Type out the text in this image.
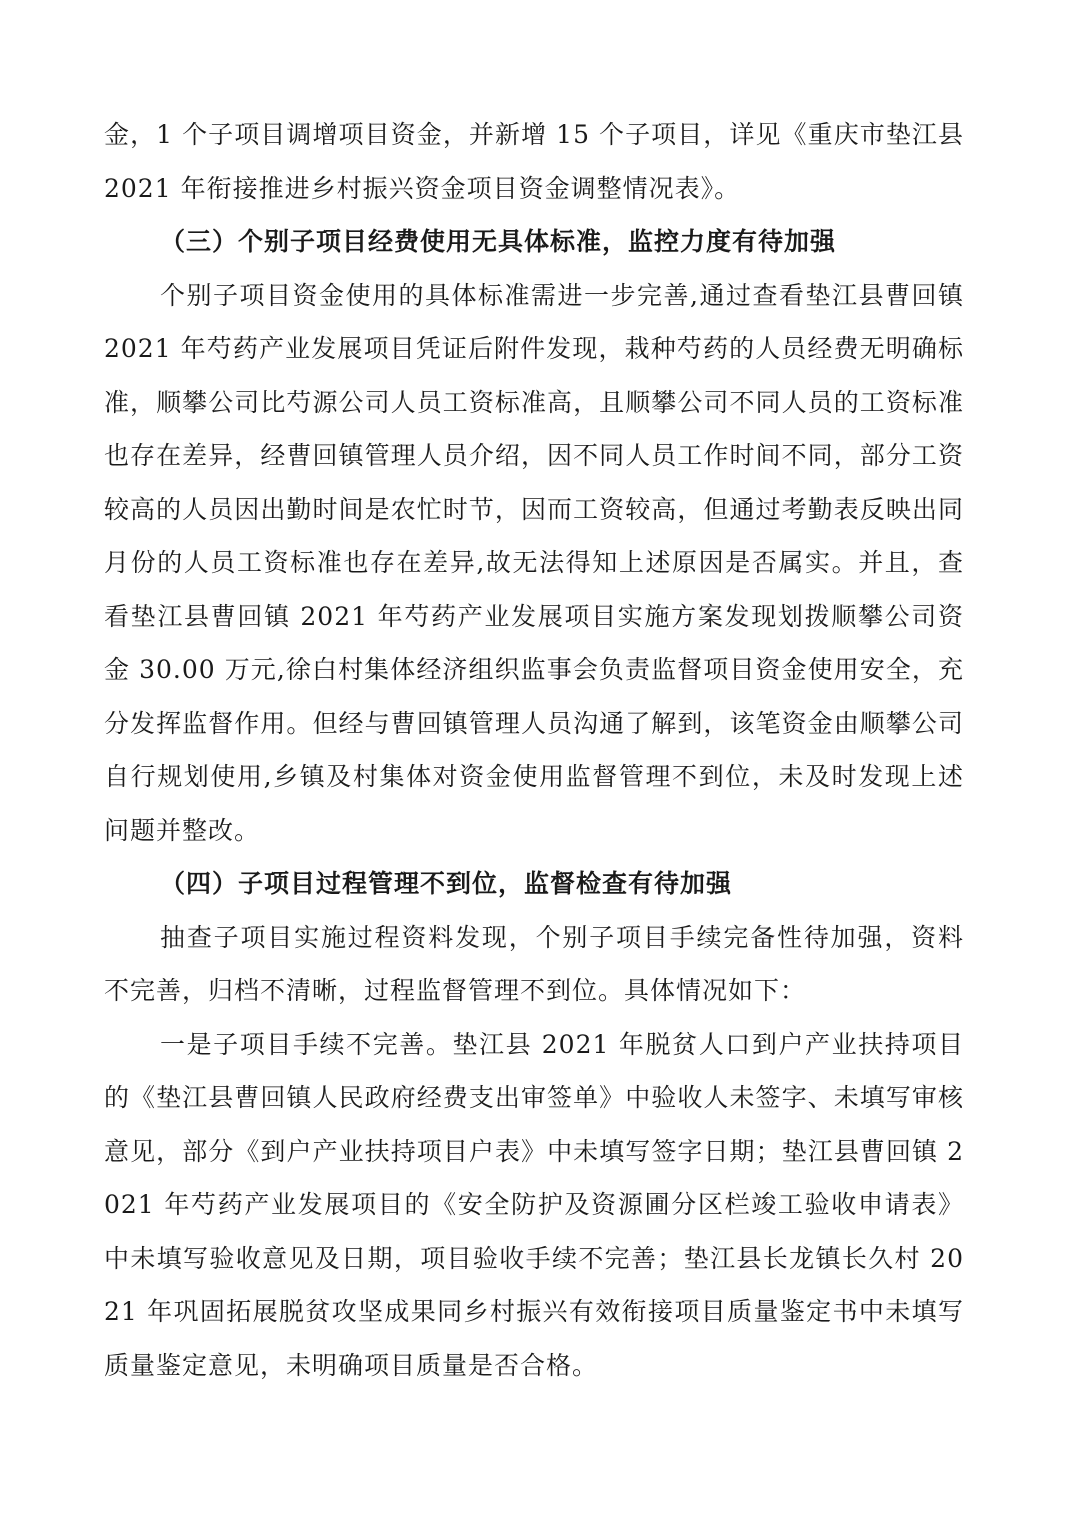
金，1 个子项目调增项目资金，并新增 15 个子项目，详见《重庆市垫江县 2021 年衔接推进乡村振兴资金项目资金调整情况表》。

（三）个别子项目经费使用无具体标准，监控力度有待加强

个别子项目资金使用的具体标准需进一步完善,通过查看垫江县曹回镇 2021 年芍药产业发展项目凭证后附件发现，栽种芍药的人员经费无明确标准，顺攀公司比芍源公司人员工资标准高，且顺攀公司不同人员的工资标准也存在差异，经曹回镇管理人员介绍，因不同人员工作时间不同，部分工资较高的人员因出勤时间是农忙时节，因而工资较高，但通过考勤表反映出同月份的人员工资标准也存在差异,故无法得知上述原因是否属实。并且，查看垫江县曹回镇 2021 年芍药产业发展项目实施方案发现划拨顺攀公司资金 30.00 万元,徐白村集体经济组织监事会负责监督项目资金使用安全，充分发挥监督作用。但经与曹回镇管理人员沟通了解到，该笔资金由顺攀公司自行规划使用,乡镇及村集体对资金使用监督管理不到位，未及时发现上述问题并整改。

（四）子项目过程管理不到位，监督检查有待加强

抽查子项目实施过程资料发现，个别子项目手续完备性待加强，资料不完善，归档不清晰，过程监督管理不到位。具体情况如下：

一是子项目手续不完善。垫江县 2021 年脱贫人口到户产业扶持项目的《垫江县曹回镇人民政府经费支出审签单》中验收人未签字、未填写审核意见，部分《到户产业扶持项目户表》中未填写签字日期；垫江县曹回镇 2021 年芍药产业发展项目的《安全防护及资源圃分区栏竣工验收申请表》中未填写验收意见及日期，项目验收手续不完善；垫江县长龙镇长久村 2021 年巩固拓展脱贫攻坚成果同乡村振兴有效衔接项目质量鉴定书中未填写质量鉴定意见，未明确项目质量是否合格。
